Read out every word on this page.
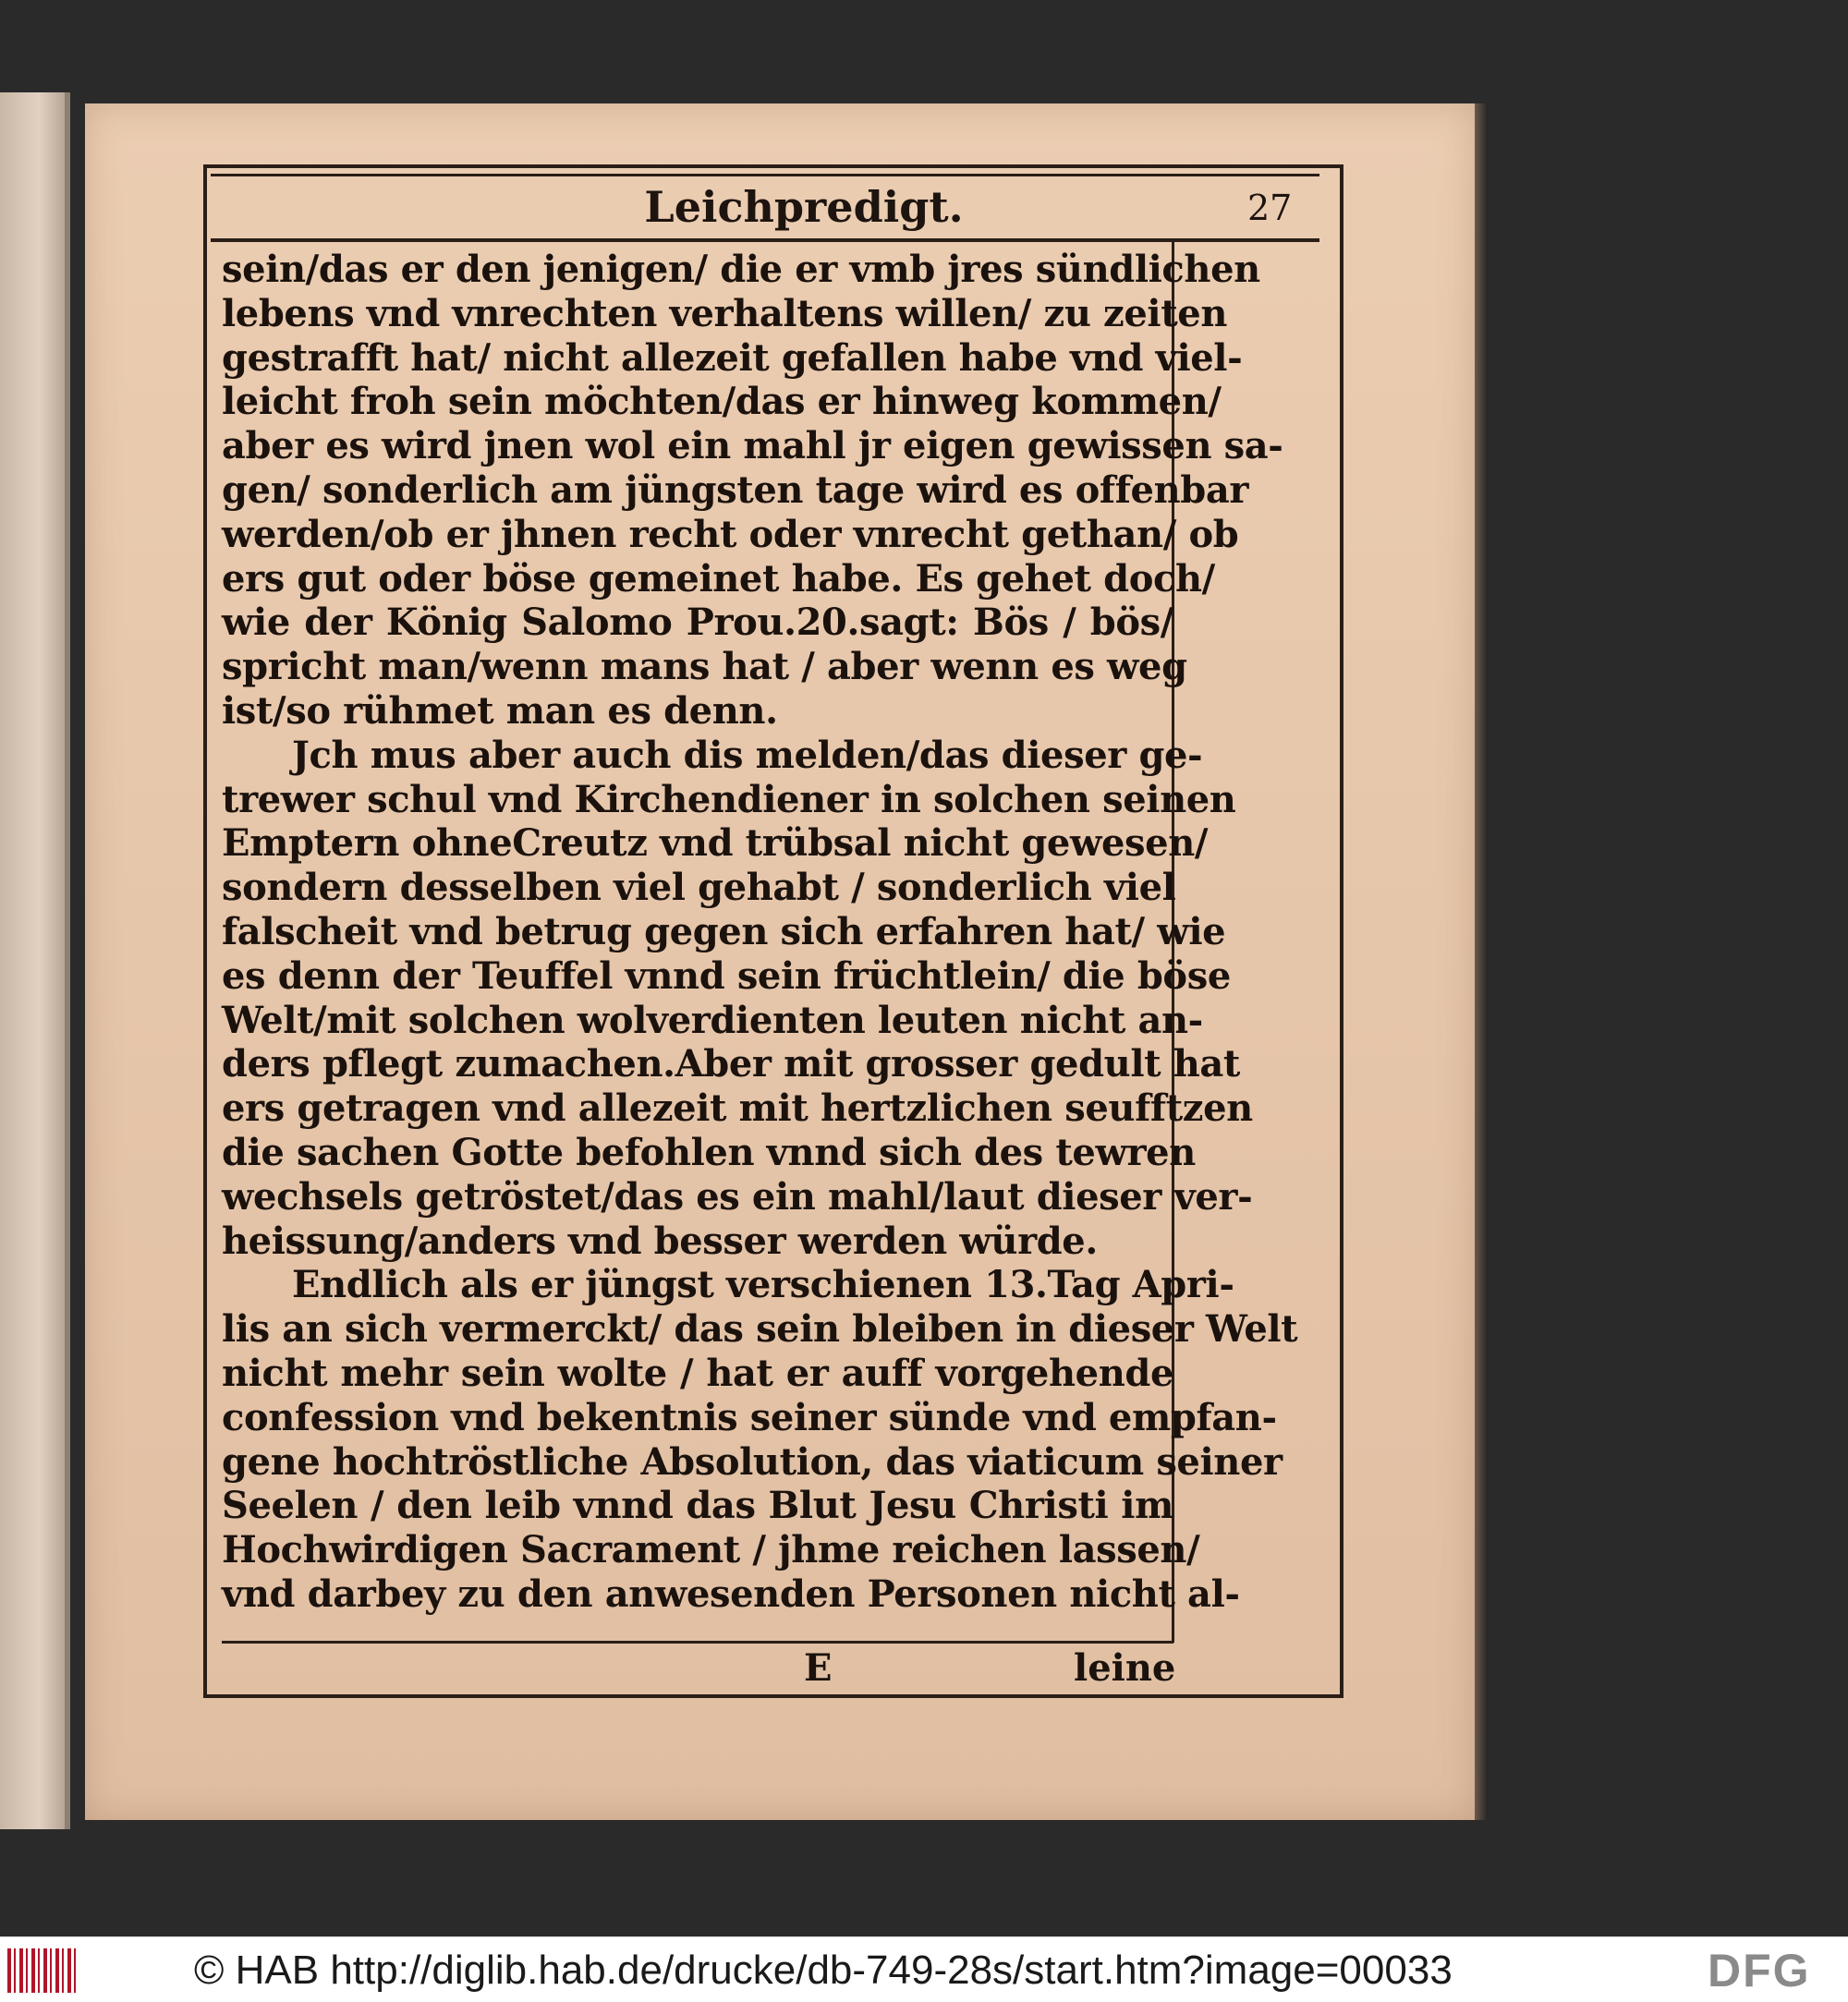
Leichpredigt.	27
sein/das er den jenigen/ die er vmb jres sündlichen
lebens vnd vnrechten verhaltens willen/ zu zeiten
gestrafft hat/ nicht allezeit gefallen habe vnd viel-
leicht froh sein möchten/das er hinweg kommen/
aber es wird jnen wol ein mahl jr eigen gewissen sa-
gen/ sonderlich am jüngsten tage wird es offenbar
werden/ob er jhnen recht oder vnrecht gethan/ ob
ers gut oder böse gemeinet habe. Es gehet doch/
wie der König Salomo Prou.20.sagt: Bös / bös/
spricht man/wenn mans hat / aber wenn es weg
ist/so rühmet man es denn.
Jch mus aber auch dis melden/das dieser ge-
trewer schul vnd Kirchendiener in solchen seinen
Emptern ohneCreutz vnd trübsal nicht gewesen/
sondern desselben viel gehabt / sonderlich viel
falscheit vnd betrug gegen sich erfahren hat/ wie
es denn der Teuffel vnnd sein früchtlein/ die böse
Welt/mit solchen wolverdienten leuten nicht an-
ders pflegt zumachen.Aber mit grosser gedult hat
ers getragen vnd allezeit mit hertzlichen seufftzen
die sachen Gotte befohlen vnnd sich des tewren
wechsels getröstet/das es ein mahl/laut dieser ver-
heissung/anders vnd besser werden würde.
Endlich als er jüngst verschienen 13.Tag Apri-
lis an sich vermerckt/ das sein bleiben in dieser Welt
nicht mehr sein wolte / hat er auff vorgehende
confession vnd bekentnis seiner sünde vnd empfan-
gene hochtröstliche Absolution, das viaticum seiner
Seelen / den leib vnnd das Blut Jesu Christi im
Hochwirdigen Sacrament / jhme reichen lassen/
vnd darbey zu den anwesenden Personen nicht al-
E	leine
© HAB http://diglib.hab.de/drucke/db-749-28s/start.htm?image=00033	DFG
